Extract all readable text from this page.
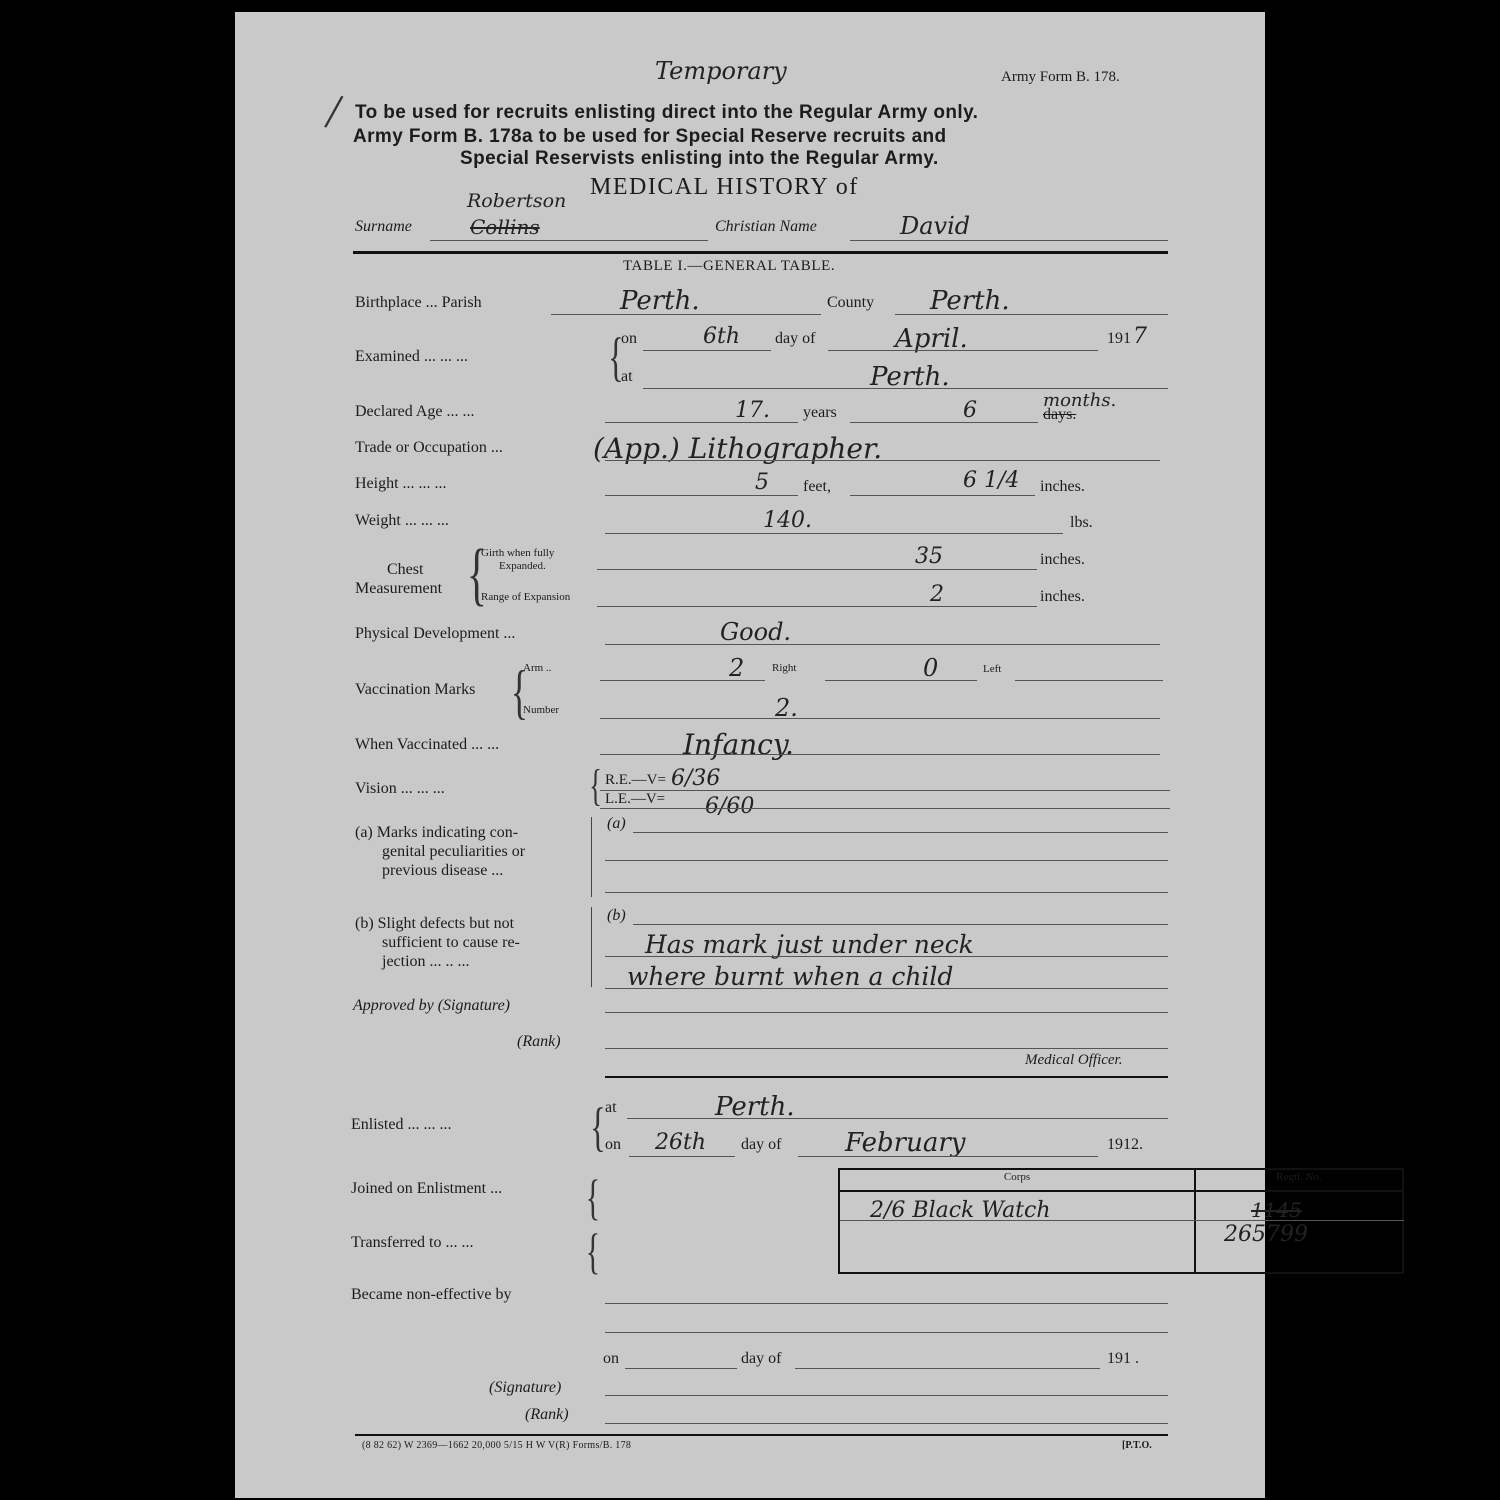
Temporary	Army Form B. 178.
/ To be used for recruits enlisting direct into the Regular Army only.
Army Form B. 178a to be used for Special Reserve recruits and
Special Reservists enlisting into the Regular Army.
MEDICAL HISTORY of
Robertson
Surname	Collins	Christian Name	David
TABLE I.—GENERAL TABLE.
Birthplace ... Parish	Perth.	County Perth.
Examined ... ... ...	{
on	6th day of	April.	191 7
at	Perth.
Declared Age ... ...	17. years	6	months.
days.
Trade or Occupation ...	(App.) Lithographer.
Height ... ... ...	5 feet,	6 1/4 inches.
Weight ... ... ...	140.	lbs.
Chest
Measurement {
Girth when fully
Expanded.	35	inches.
Range of Expansion	2	inches.
Physical Development ...	Good.
Arm ..	2	Right	0	Left
Vaccination Marks {
Number	2.
When Vaccinated ... ...	Infancy.
Vision ... ... ...	{ R.E.—V= 6/36
L.E.—V= 6/60
(a) Marks indicating con-
genital peculiarities or
previous disease ...
(a)
(b) Slight defects but not
sufficient to cause re-
jection ... .. ...
(b)
Has mark just under neck
where burnt when a child
Approved by (Signature)
(Rank)
Medical Officer.
Enlisted ... ... ...	{ at	Perth.
on 26th day of February	1912.
Joined on Enlistment ...
Transferred to ... ...
{
{
Corps	Regtl. No.

2/6 Black Watch	1145
265799
Became non-effective by
on	day of	191 .
(Signature)
(Rank)
(8 82 62) W 2369—1662 20,000 5/15 H W V(R) Forms/B. 178	[P.T.O.
